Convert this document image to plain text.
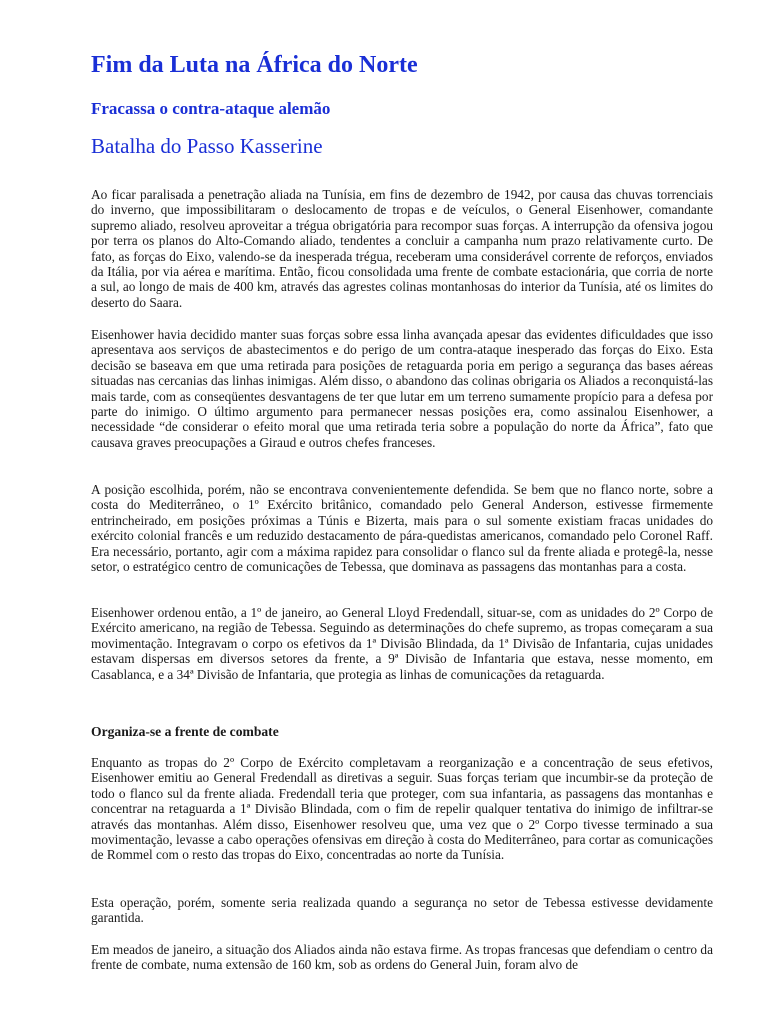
Fim da Luta na África do Norte
Fracassa o contra-ataque alemão
Batalha do Passo Kasserine

Ao ficar paralisada a penetração aliada na Tunísia, em fins de dezembro de 1942, por causa das chuvas torrenciais do inverno, que impossibilitaram o deslocamento de tropas e de veículos, o General Eisenhower, comandante supremo aliado, resolveu aproveitar a trégua obrigatória para recompor suas forças. A interrupção da ofensiva jogou por terra os planos do Alto-Comando aliado, tendentes a concluir a campanha num prazo relativamente curto. De fato, as forças do Eixo, valendo-se da inesperada trégua, receberam uma considerável corrente de reforços, enviados da Itália, por via aérea e marítima. Então, ficou consolidada uma frente de combate estacionária, que corria de norte a sul, ao longo de mais de 400 km, através das agrestes colinas montanhosas do interior da Tunísia, até os limites do deserto do Saara.

Eisenhower havia decidido manter suas forças sobre essa linha avançada apesar das evidentes dificuldades que isso apresentava aos serviços de abastecimentos e do perigo de um contra-ataque inesperado das forças do Eixo. Esta decisão se baseava em que uma retirada para posições de retaguarda poria em perigo a segurança das bases aéreas situadas nas cercanias das linhas inimigas. Além disso, o abandono das colinas obrigaria os Aliados a reconquistá-las mais tarde, com as conseqüentes desvantagens de ter que lutar em um terreno sumamente propício para a defesa por parte do inimigo. O último argumento para permanecer nessas posições era, como assinalou Eisenhower, a necessidade “de considerar o efeito moral que uma retirada teria sobre a população do norte da África”, fato que causava graves preocupações a Giraud e outros chefes franceses.

A posição escolhida, porém, não se encontrava convenientemente defendida. Se bem que no flanco norte, sobre a costa do Mediterrâneo, o 1º Exército britânico, comandado pelo General Anderson, estivesse firmemente entrincheirado, em posições próximas a Túnis e Bizerta, mais para o sul somente existiam fracas unidades do exército colonial francês e um reduzido destacamento de pára-quedistas americanos, comandado pelo Coronel Raff. Era necessário, portanto, agir com a máxima rapidez para consolidar o flanco sul da frente aliada e protegê-la, nesse setor, o estratégico centro de comunicações de Tebessa, que dominava as passagens das montanhas para a costa.

Eisenhower ordenou então, a 1º de janeiro, ao General Lloyd Fredendall, situar-se, com as unidades do 2º Corpo de Exército americano, na região de Tebessa. Seguindo as determinações do chefe supremo, as tropas começaram a sua movimentação. Integravam o corpo os efetivos da 1ª Divisão Blindada, da 1ª Divisão de Infantaria, cujas unidades estavam dispersas em diversos setores da frente, a 9ª Divisão de Infantaria que estava, nesse momento, em Casablanca, e a 34ª Divisão de Infantaria, que protegia as linhas de comunicações da retaguarda.

Organiza-se a frente de combate

Enquanto as tropas do 2º Corpo de Exército completavam a reorganização e a concentração de seus efetivos, Eisenhower emitiu ao General Fredendall as diretivas a seguir. Suas forças teriam que incumbir-se da proteção de todo o flanco sul da frente aliada. Fredendall teria que proteger, com sua infantaria, as passagens das montanhas e concentrar na retaguarda a 1ª Divisão Blindada, com o fim de repelir qualquer tentativa do inimigo de infiltrar-se através das montanhas. Além disso, Eisenhower resolveu que, uma vez que o 2º Corpo tivesse terminado a sua movimentação, levasse a cabo operações ofensivas em direção à costa do Mediterrâneo, para cortar as comunicações de Rommel com o resto das tropas do Eixo, concentradas ao norte da Tunísia.

Esta operação, porém, somente seria realizada quando a segurança no setor de Tebessa estivesse devidamente garantida.

Em meados de janeiro, a situação dos Aliados ainda não estava firme. As tropas francesas que defendiam o centro da frente de combate, numa extensão de 160 km, sob as ordens do General Juin, foram alvo de
